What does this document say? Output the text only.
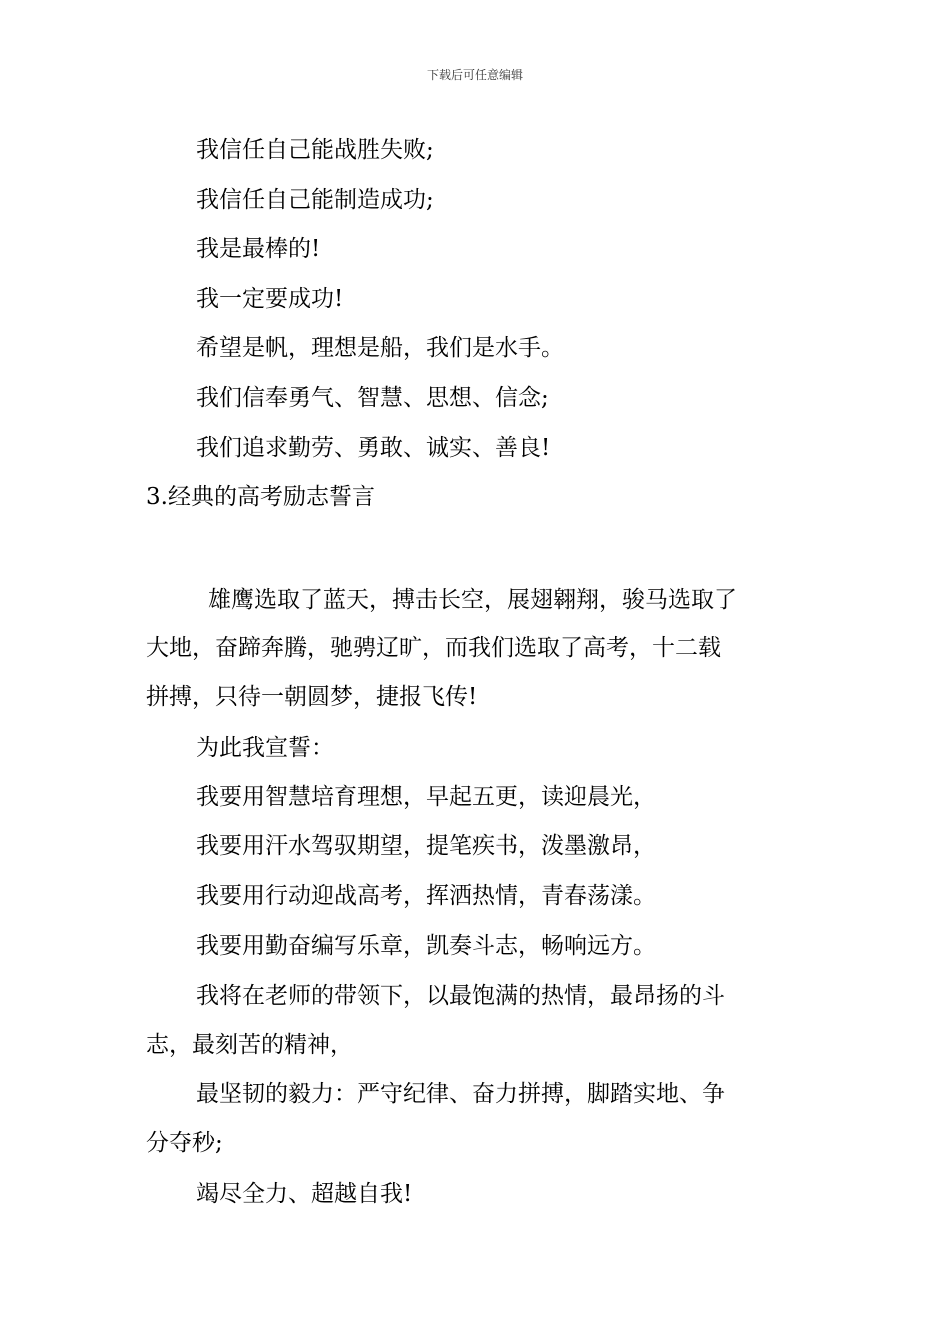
下载后可任意编辑
我信任自己能战胜失败;
我信任自己能制造成功;
我是最棒的!
我一定要成功!
希望是帆，理想是船，我们是水手。
我们信奉勇气、智慧、思想、信念;
我们追求勤劳、勇敢、诚实、善良!
3.经典的高考励志誓言
雄鹰选取了蓝天，搏击长空，展翅翱翔，骏马选取了
大地，奋蹄奔腾，驰骋辽旷，而我们选取了高考，十二载
拼搏，只待一朝圆梦，捷报飞传!
为此我宣誓：
我要用智慧培育理想，早起五更，读迎晨光，
我要用汗水驾驭期望，提笔疾书，泼墨激昂，
我要用行动迎战高考，挥洒热情，青春荡漾。
我要用勤奋编写乐章，凯奏斗志，畅响远方。
我将在老师的带领下，以最饱满的热情，最昂扬的斗
志，最刻苦的精神，
最坚韧的毅力：严守纪律、奋力拼搏，脚踏实地、争
分夺秒;
竭尽全力、超越自我!
